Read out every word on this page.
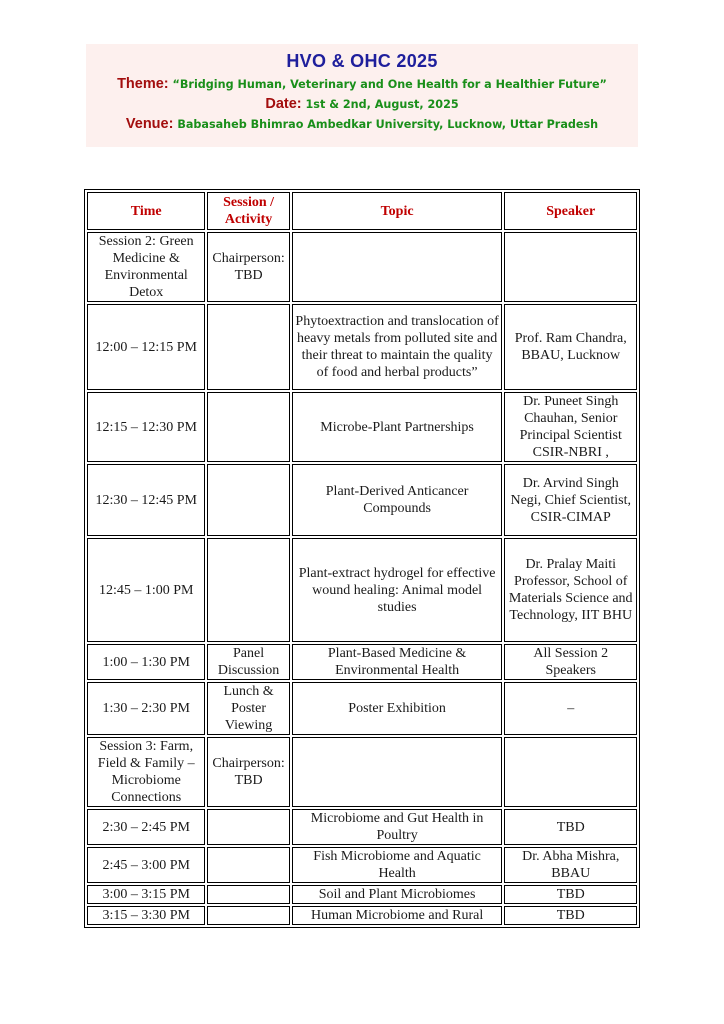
HVO & OHC 2025
Theme: “Bridging Human, Veterinary and One Health for a Healthier Future”
Date: 1st & 2nd, August, 2025
Venue: Babasaheb Bhimrao Ambedkar University, Lucknow, Uttar Pradesh
Time	Session / Activity	Topic	Speaker
Session 2: Green Medicine & Environmental Detox	Chairperson: TBD		
12:00 – 12:15 PM		Phytoextraction and translocation of heavy metals from polluted site and their threat to maintain the quality of food and herbal products”	Prof. Ram Chandra, BBAU, Lucknow
12:15 – 12:30 PM		Microbe-Plant Partnerships	Dr. Puneet Singh Chauhan, Senior Principal Scientist CSIR-NBRI ,
12:30 – 12:45 PM		Plant-Derived Anticancer Compounds	Dr. Arvind Singh Negi, Chief Scientist, CSIR-CIMAP
12:45 – 1:00 PM		Plant-extract hydrogel for effective wound healing: Animal model studies	Dr. Pralay Maiti Professor, School of Materials Science and Technology, IIT BHU
1:00 – 1:30 PM	Panel Discussion	Plant-Based Medicine & Environmental Health	All Session 2 Speakers
1:30 – 2:30 PM	Lunch & Poster Viewing	Poster Exhibition	–
Session 3: Farm, Field & Family – Microbiome Connections	Chairperson: TBD		
2:30 – 2:45 PM		Microbiome and Gut Health in Poultry	TBD
2:45 – 3:00 PM		Fish Microbiome and Aquatic Health	Dr. Abha Mishra, BBAU
3:00 – 3:15 PM		Soil and Plant Microbiomes	TBD
3:15 – 3:30 PM		Human Microbiome and Rural	TBD
